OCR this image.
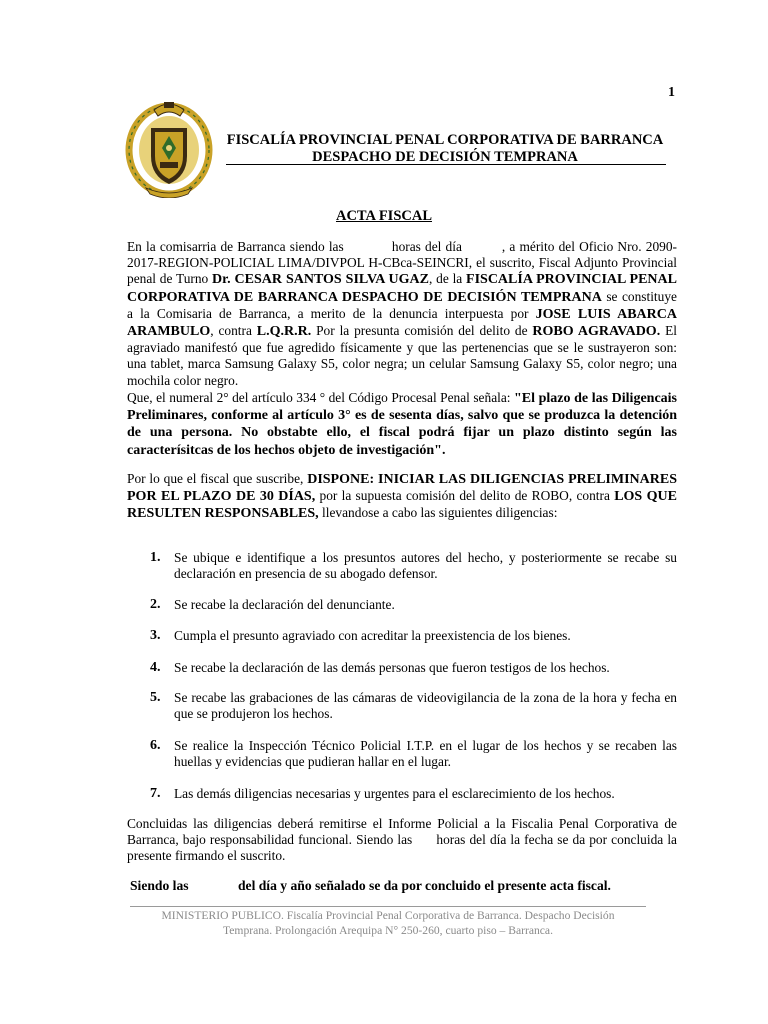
1
FISCALÍA PROVINCIAL PENAL CORPORATIVA DE BARRANCA
DESPACHO DE DECISIÓN TEMPRANA
ACTA FISCAL
En la comisarria de Barranca siendo las	horas del día	, a mérito del Oficio Nro. 2090-2017-REGION-POLICIAL LIMA/DIVPOL H-CBca-SEINCRI, el suscrito, Fiscal Adjunto Provincial penal de Turno Dr. CESAR SANTOS SILVA UGAZ, de la FISCALÍA PROVINCIAL PENAL CORPORATIVA DE BARRANCA DESPACHO DE DECISIÓN TEMPRANA se constituye a la Comisaria de Barranca, a merito de la denuncia interpuesta por JOSE LUIS ABARCA ARAMBULO, contra L.Q.R.R. Por la presunta comisión del delito de ROBO AGRAVADO. El agraviado manifestó que fue agredido físicamente y que las pertenencias que se le sustrayeron son: una tablet, marca Samsung Galaxy S5, color negra; un celular Samsung Galaxy S5, color negro; una mochila color negro.
Que, el numeral 2° del artículo 334 ° del Código Procesal Penal señala: "El plazo de las Diligencais Preliminares, conforme al artículo 3° es de sesenta días, salvo que se produzca la detención de una persona. No obstabte ello, el fiscal podrá fijar un plazo distinto según las caracterísitcas de los hechos objeto de investigación".
Por lo que el fiscal que suscribe, DISPONE: INICIAR LAS DILIGENCIAS PRELIMINARES POR EL PLAZO DE 30 DÍAS, por la supuesta comisión del delito de ROBO, contra LOS QUE RESULTEN RESPONSABLES, llevandose a cabo las siguientes diligencias:
1. Se ubique e identifique a los presuntos autores del hecho, y posteriormente se recabe su declaración en presencia de su abogado defensor.
2. Se recabe la declaración del denunciante.
3. Cumpla el presunto agraviado con acreditar la preexistencia de los bienes.
4. Se recabe la declaración de las demás personas que fueron testigos de los hechos.
5. Se recabe las grabaciones de las cámaras de videovigilancia de la zona de la hora y fecha en que se produjeron los hechos.
6. Se realice la Inspección Técnico Policial I.T.P. en el lugar de los hechos y se recaben las huellas y evidencias que pudieran hallar en el lugar.
7. Las demás diligencias necesarias y urgentes para el esclarecimiento de los hechos.
Concluidas las diligencias deberá remitirse el Informe Policial a la Fiscalia Penal Corporativa de Barranca, bajo responsabilidad funcional. Siendo las horas del día la fecha se da por concluida la presente firmando el suscrito.
Siendo las	del día y año señalado se da por concluido el presente acta fiscal.
MINISTERIO PUBLICO. Fiscalía Provincial Penal Corporativa de Barranca. Despacho Decisión
Temprana. Prolongación Arequipa N° 250-260, cuarto piso – Barranca.
